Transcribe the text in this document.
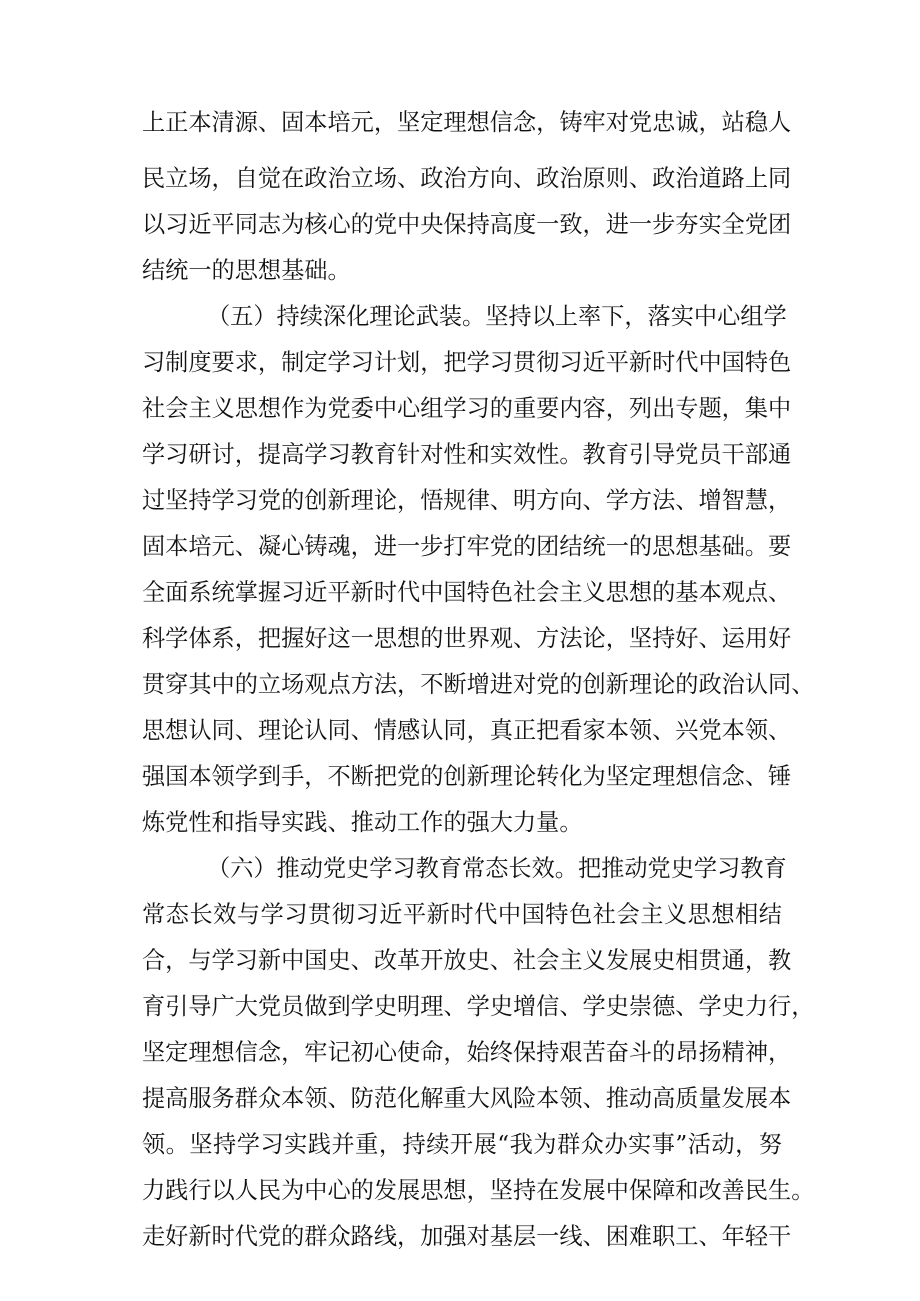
上正本清源、固本培元，坚定理想信念，铸牢对党忠诚，站稳人
民立场，自觉在政治立场、政治方向、政治原则、政治道路上同
以习近平同志为核心的党中央保持高度一致，进一步夯实全党团
结统一的思想基础。
（五）持续深化理论武装。坚持以上率下，落实中心组学
习制度要求，制定学习计划，把学习贯彻习近平新时代中国特色
社会主义思想作为党委中心组学习的重要内容，列出专题，集中
学习研讨，提高学习教育针对性和实效性。教育引导党员干部通
过坚持学习党的创新理论，悟规律、明方向、学方法、增智慧，
固本培元、凝心铸魂，进一步打牢党的团结统一的思想基础。要
全面系统掌握习近平新时代中国特色社会主义思想的基本观点、
科学体系，把握好这一思想的世界观、方法论，坚持好、运用好
贯穿其中的立场观点方法，不断增进对党的创新理论的政治认同、
思想认同、理论认同、情感认同，真正把看家本领、兴党本领、
强国本领学到手，不断把党的创新理论转化为坚定理想信念、锤
炼党性和指导实践、推动工作的强大力量。
（六）推动党史学习教育常态长效。把推动党史学习教育
常态长效与学习贯彻习近平新时代中国特色社会主义思想相结
合，与学习新中国史、改革开放史、社会主义发展史相贯通，教
育引导广大党员做到学史明理、学史增信、学史崇德、学史力行，
坚定理想信念，牢记初心使命，始终保持艰苦奋斗的昂扬精神，
提高服务群众本领、防范化解重大风险本领、推动高质量发展本
领。坚持学习实践并重，持续开展“我为群众办实事”活动，努
力践行以人民为中心的发展思想，坚持在发展中保障和改善民生。
走好新时代党的群众路线，加强对基层一线、困难职工、年轻干
